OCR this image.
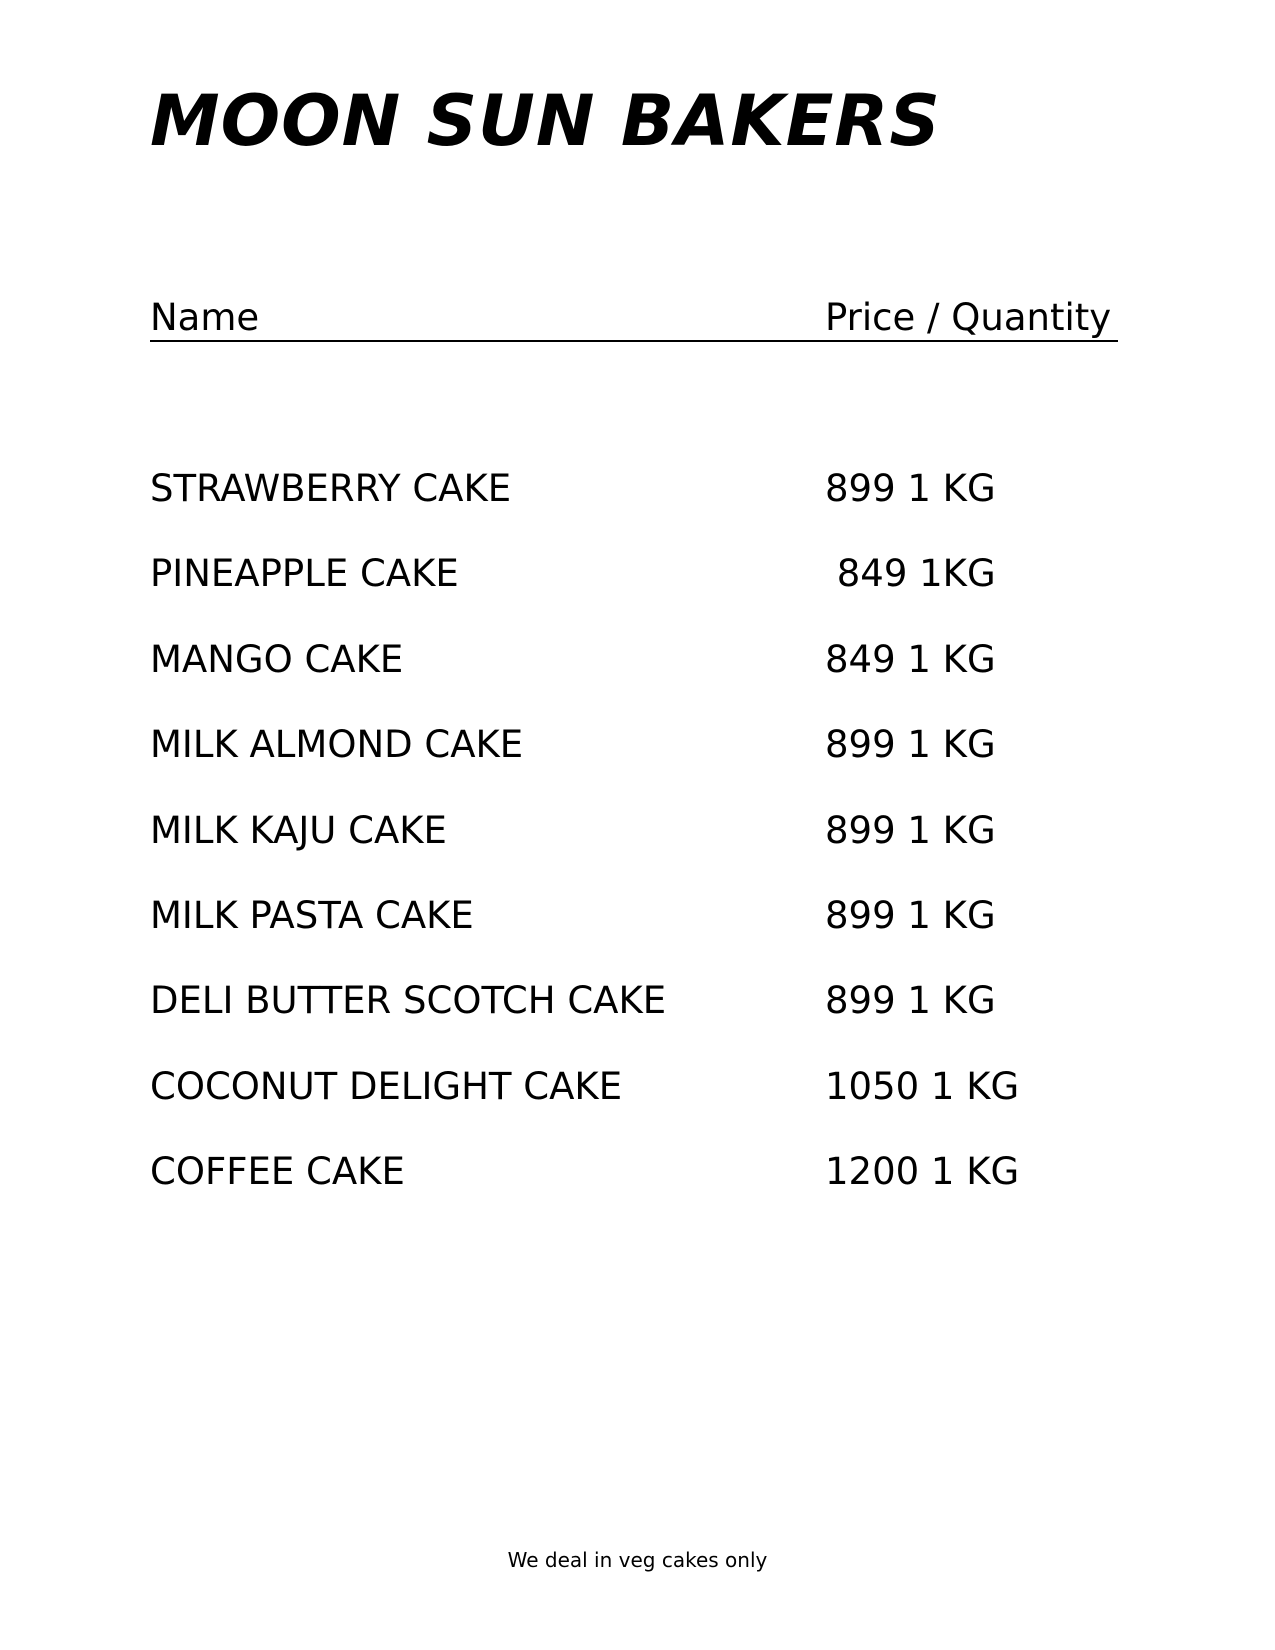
MOON SUN BAKERS
Name	Price / Quantity
STRAWBERRY CAKE	899 1 KG
PINEAPPLE CAKE	849 1KG
MANGO CAKE	849 1 KG
MILK ALMOND CAKE	899 1 KG
MILK KAJU CAKE	899 1 KG
MILK PASTA CAKE	899 1 KG
DELI BUTTER SCOTCH CAKE	899 1 KG
COCONUT DELIGHT CAKE	1050 1 KG
COFFEE CAKE	1200 1 KG
We deal in veg cakes only
